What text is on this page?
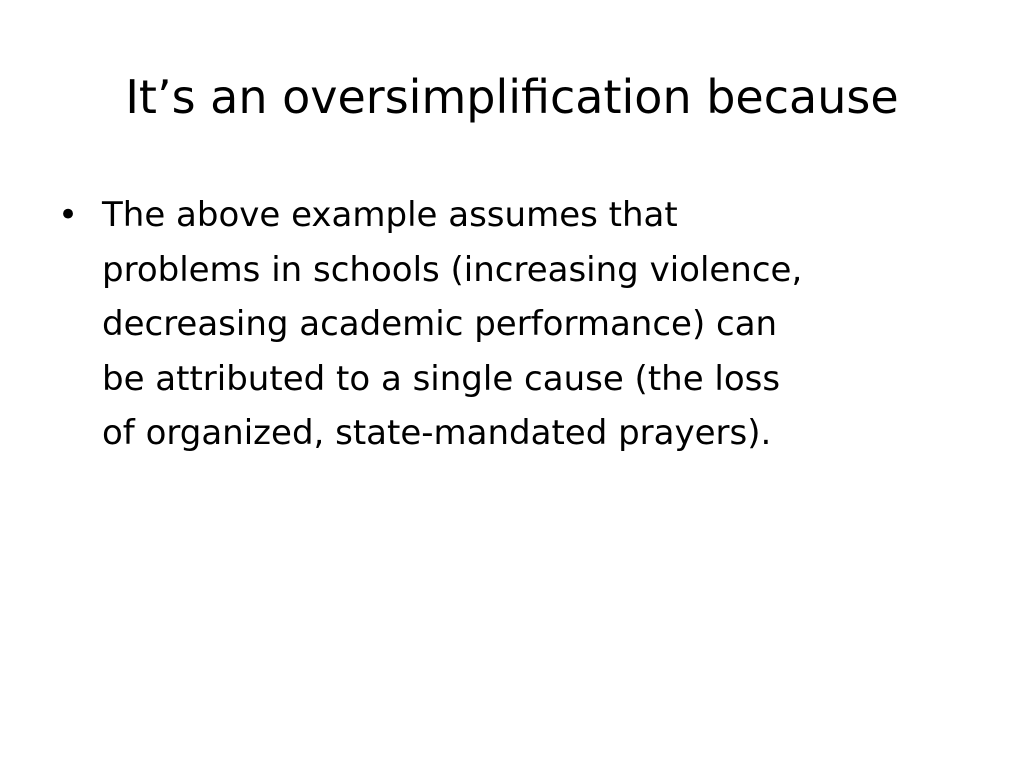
It’s an oversimplification because
• The above example assumes that
problems in schools (increasing violence,
decreasing academic performance) can
be attributed to a single cause (the loss
of organized, state-mandated prayers).
